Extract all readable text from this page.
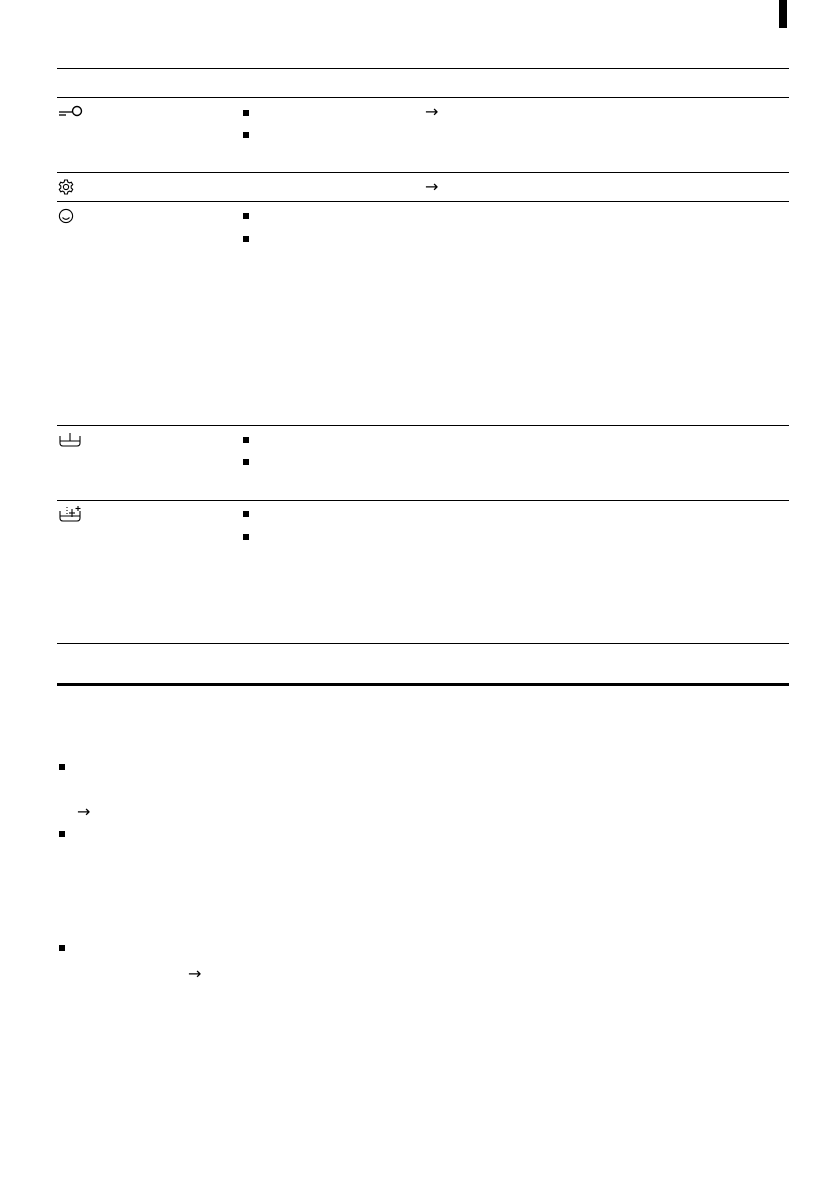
→
→
→
→
